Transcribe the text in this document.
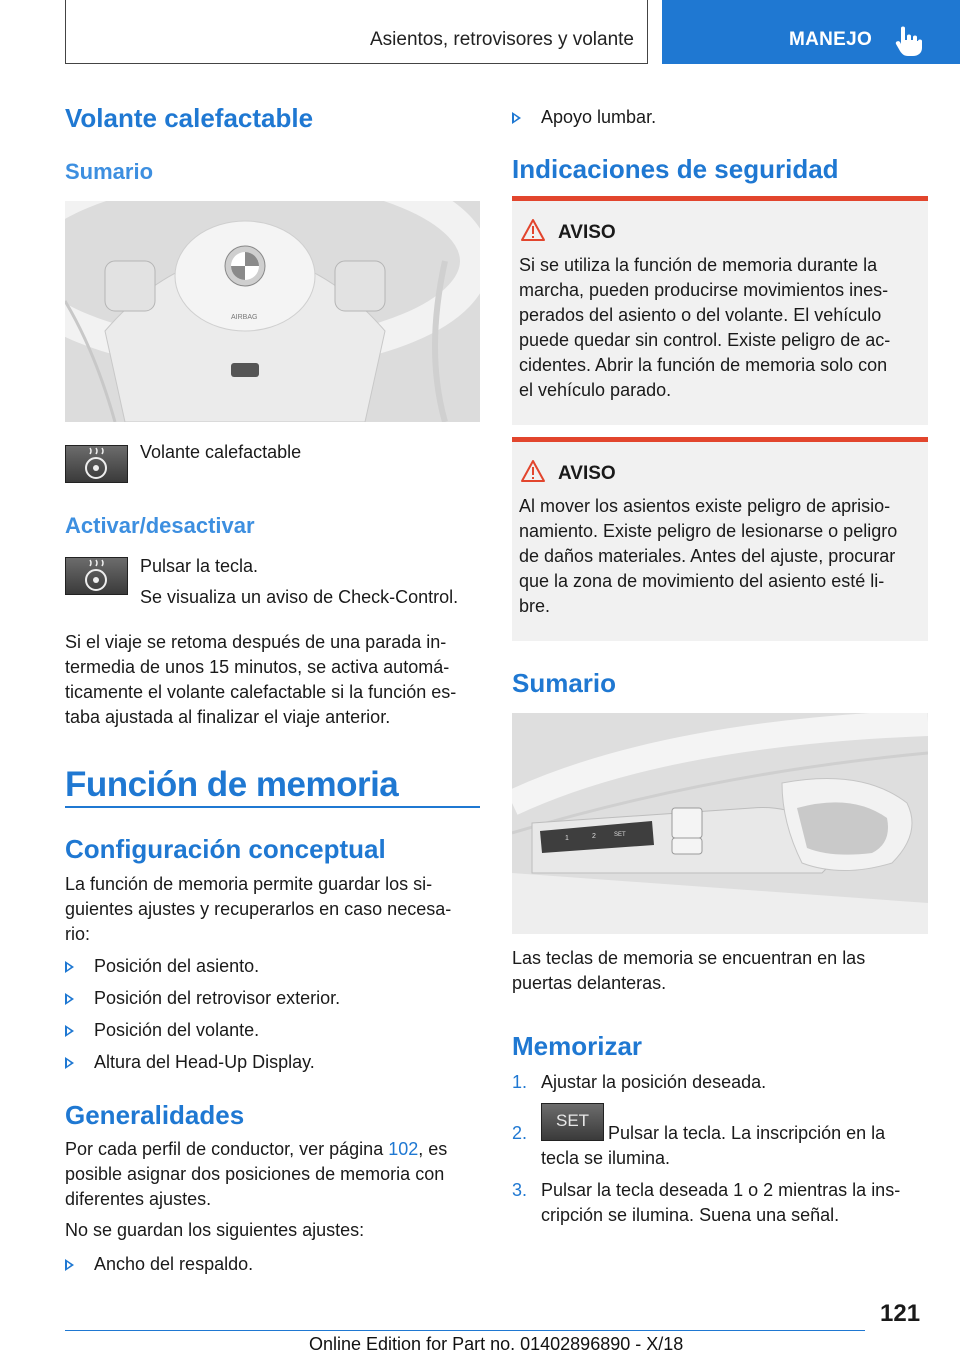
Asientos, retrovisores y volante	MANEJO
Volante calefactable
Sumario
AIRBAG

Volante calefactable

Activar/desactivar

Pulsar la tecla.

Se visualiza un aviso de Check-Control.

Si el viaje se retoma después de una parada in-

termedia de unos 15 minutos, se activa automá-

ticamente el volante calefactable si la función es-

taba ajustada al finalizar el viaje anterior.

Función de memoria
Configuración conceptual

La función de memoria permite guardar los si-

guientes ajustes y recuperarlos en caso necesa-

rio:

Posición del asiento.
Posición del retrovisor exterior.
Posición del volante.
Altura del Head-Up Display.
Generalidades

Por cada perfil de conductor, ver página 102, es

posible asignar dos posiciones de memoria con

diferentes ajustes.

No se guardan los siguientes ajustes:

Ancho del respaldo.
Apoyo lumbar.
Indicaciones de seguridad
AVISO
Si se utiliza la función de memoria durante la
marcha, pueden producirse movimientos ines-
perados del asiento o del volante. El vehículo
puede quedar sin control. Existe peligro de ac-
cidentes. Abrir la función de memoria solo con
el vehículo parado.
AVISO
Al mover los asientos existe peligro de aprisio-
namiento. Existe peligro de lesionarse o peligro
de daños materiales. Antes del ajuste, procurar
que la zona de movimiento del asiento esté li-
bre.
Sumario
1	2	SET

Las teclas de memoria se encuentran en las

puertas delanteras.

Memorizar
1. Ajustar la posición deseada.
2.
SET
Pulsar la tecla. La inscripción en la
tecla se ilumina.
3. Pulsar la tecla deseada 1 o 2 mientras la ins-
cripción se ilumina. Suena una señal.
121
Online Edition for Part no. 01402896890 - X/18
